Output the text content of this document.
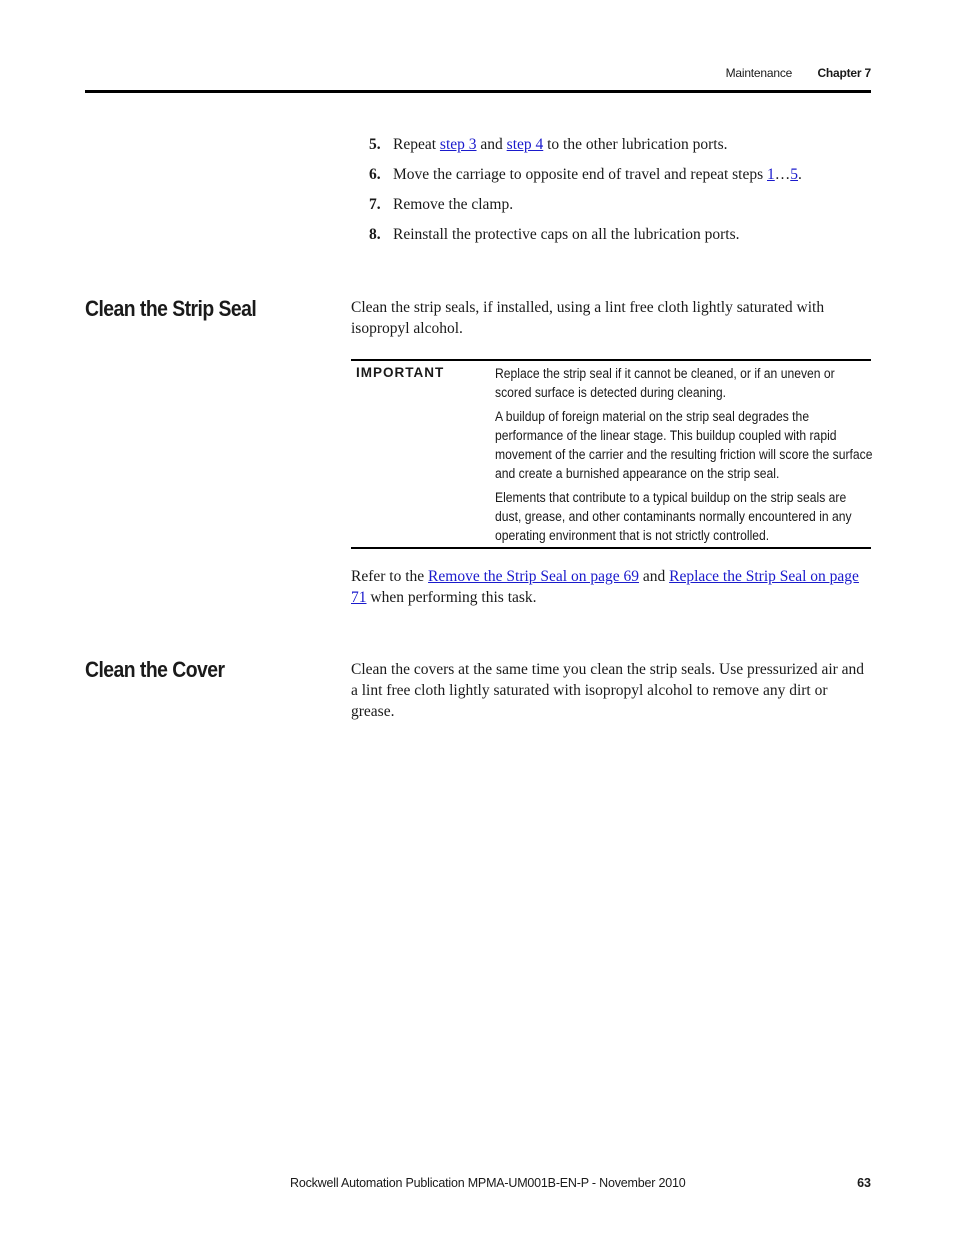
Maintenance Chapter 7
5. Repeat step 3 and step 4 to the other lubrication ports.
6. Move the carriage to opposite end of travel and repeat steps 1…5.
7. Remove the clamp.
8. Reinstall the protective caps on all the lubrication ports.
Clean the Strip Seal	Clean the strip seals, if installed, using a lint free cloth lightly saturated with isopropyl alcohol.

IMPORTANT	Replace the strip seal if it cannot be cleaned, or if an uneven or scored surface is detected during cleaning.

A buildup of foreign material on the strip seal degrades the performance of the linear stage. This buildup coupled with rapid movement of the carrier and the resulting friction will score the surface and create a burnished appearance on the strip seal.

Elements that contribute to a typical buildup on the strip seals are dust, grease, and other contaminants normally encountered in any operating environment that is not strictly controlled.

Refer to the Remove the Strip Seal on page 69 and Replace the Strip Seal on page 71 when performing this task.

Clean the Cover	Clean the covers at the same time you clean the strip seals. Use pressurized air and a lint free cloth lightly saturated with isopropyl alcohol to remove any dirt or grease.

Rockwell Automation Publication MPMA-UM001B-EN-P - November 2010	63
